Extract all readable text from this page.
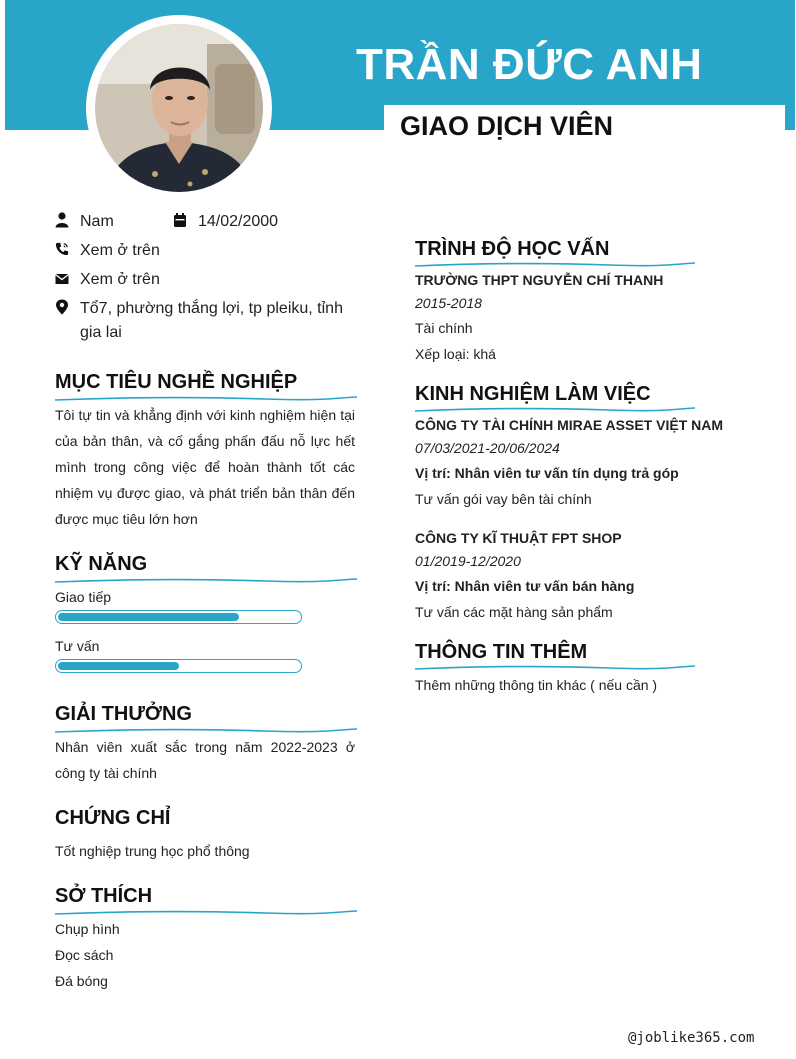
TRẦN ĐỨC ANH
GIAO DỊCH VIÊN
Nam	14/02/2000
Xem ở trên
Xem ở trên
Tổ7, phường thắng lợi, tp pleiku, tỉnh gia lai
MỤC TIÊU NGHỀ NGHIỆP
Tôi tự tin và khẳng định với kinh nghiệm hiện tại của bản thân, và cố gắng phấn đấu nỗ lực hết mình trong công việc để hoàn thành tốt các nhiệm vụ được giao, và phát triển bản thân đến được mục tiêu lớn hơn
KỸ NĂNG
Giao tiếp
Tư vấn
GIẢI THƯỞNG
Nhân viên xuất sắc trong năm 2022-2023 ở công ty tài chính
CHỨNG CHỈ
Tốt nghiệp trung học phổ thông
SỞ THÍCH
Chụp hình
Đọc sách
Đá bóng
TRÌNH ĐỘ HỌC VẤN
TRƯỜNG THPT NGUYỄN CHÍ THANH
2015-2018
Tài chính
Xếp loại: khá
KINH NGHIỆM LÀM VIỆC
CÔNG TY TÀI CHÍNH MIRAE ASSET VIỆT NAM
07/03/2021-20/06/2024
Vị trí: Nhân viên tư vấn tín dụng trả góp
Tư vấn gói vay bên tài chính
CÔNG TY KĨ THUẬT FPT SHOP
01/2019-12/2020
Vị trí: Nhân viên tư vấn bán hàng
Tư vấn các mặt hàng sản phẩm
THÔNG TIN THÊM
Thêm những thông tin khác ( nếu cần )
@joblike365.com
